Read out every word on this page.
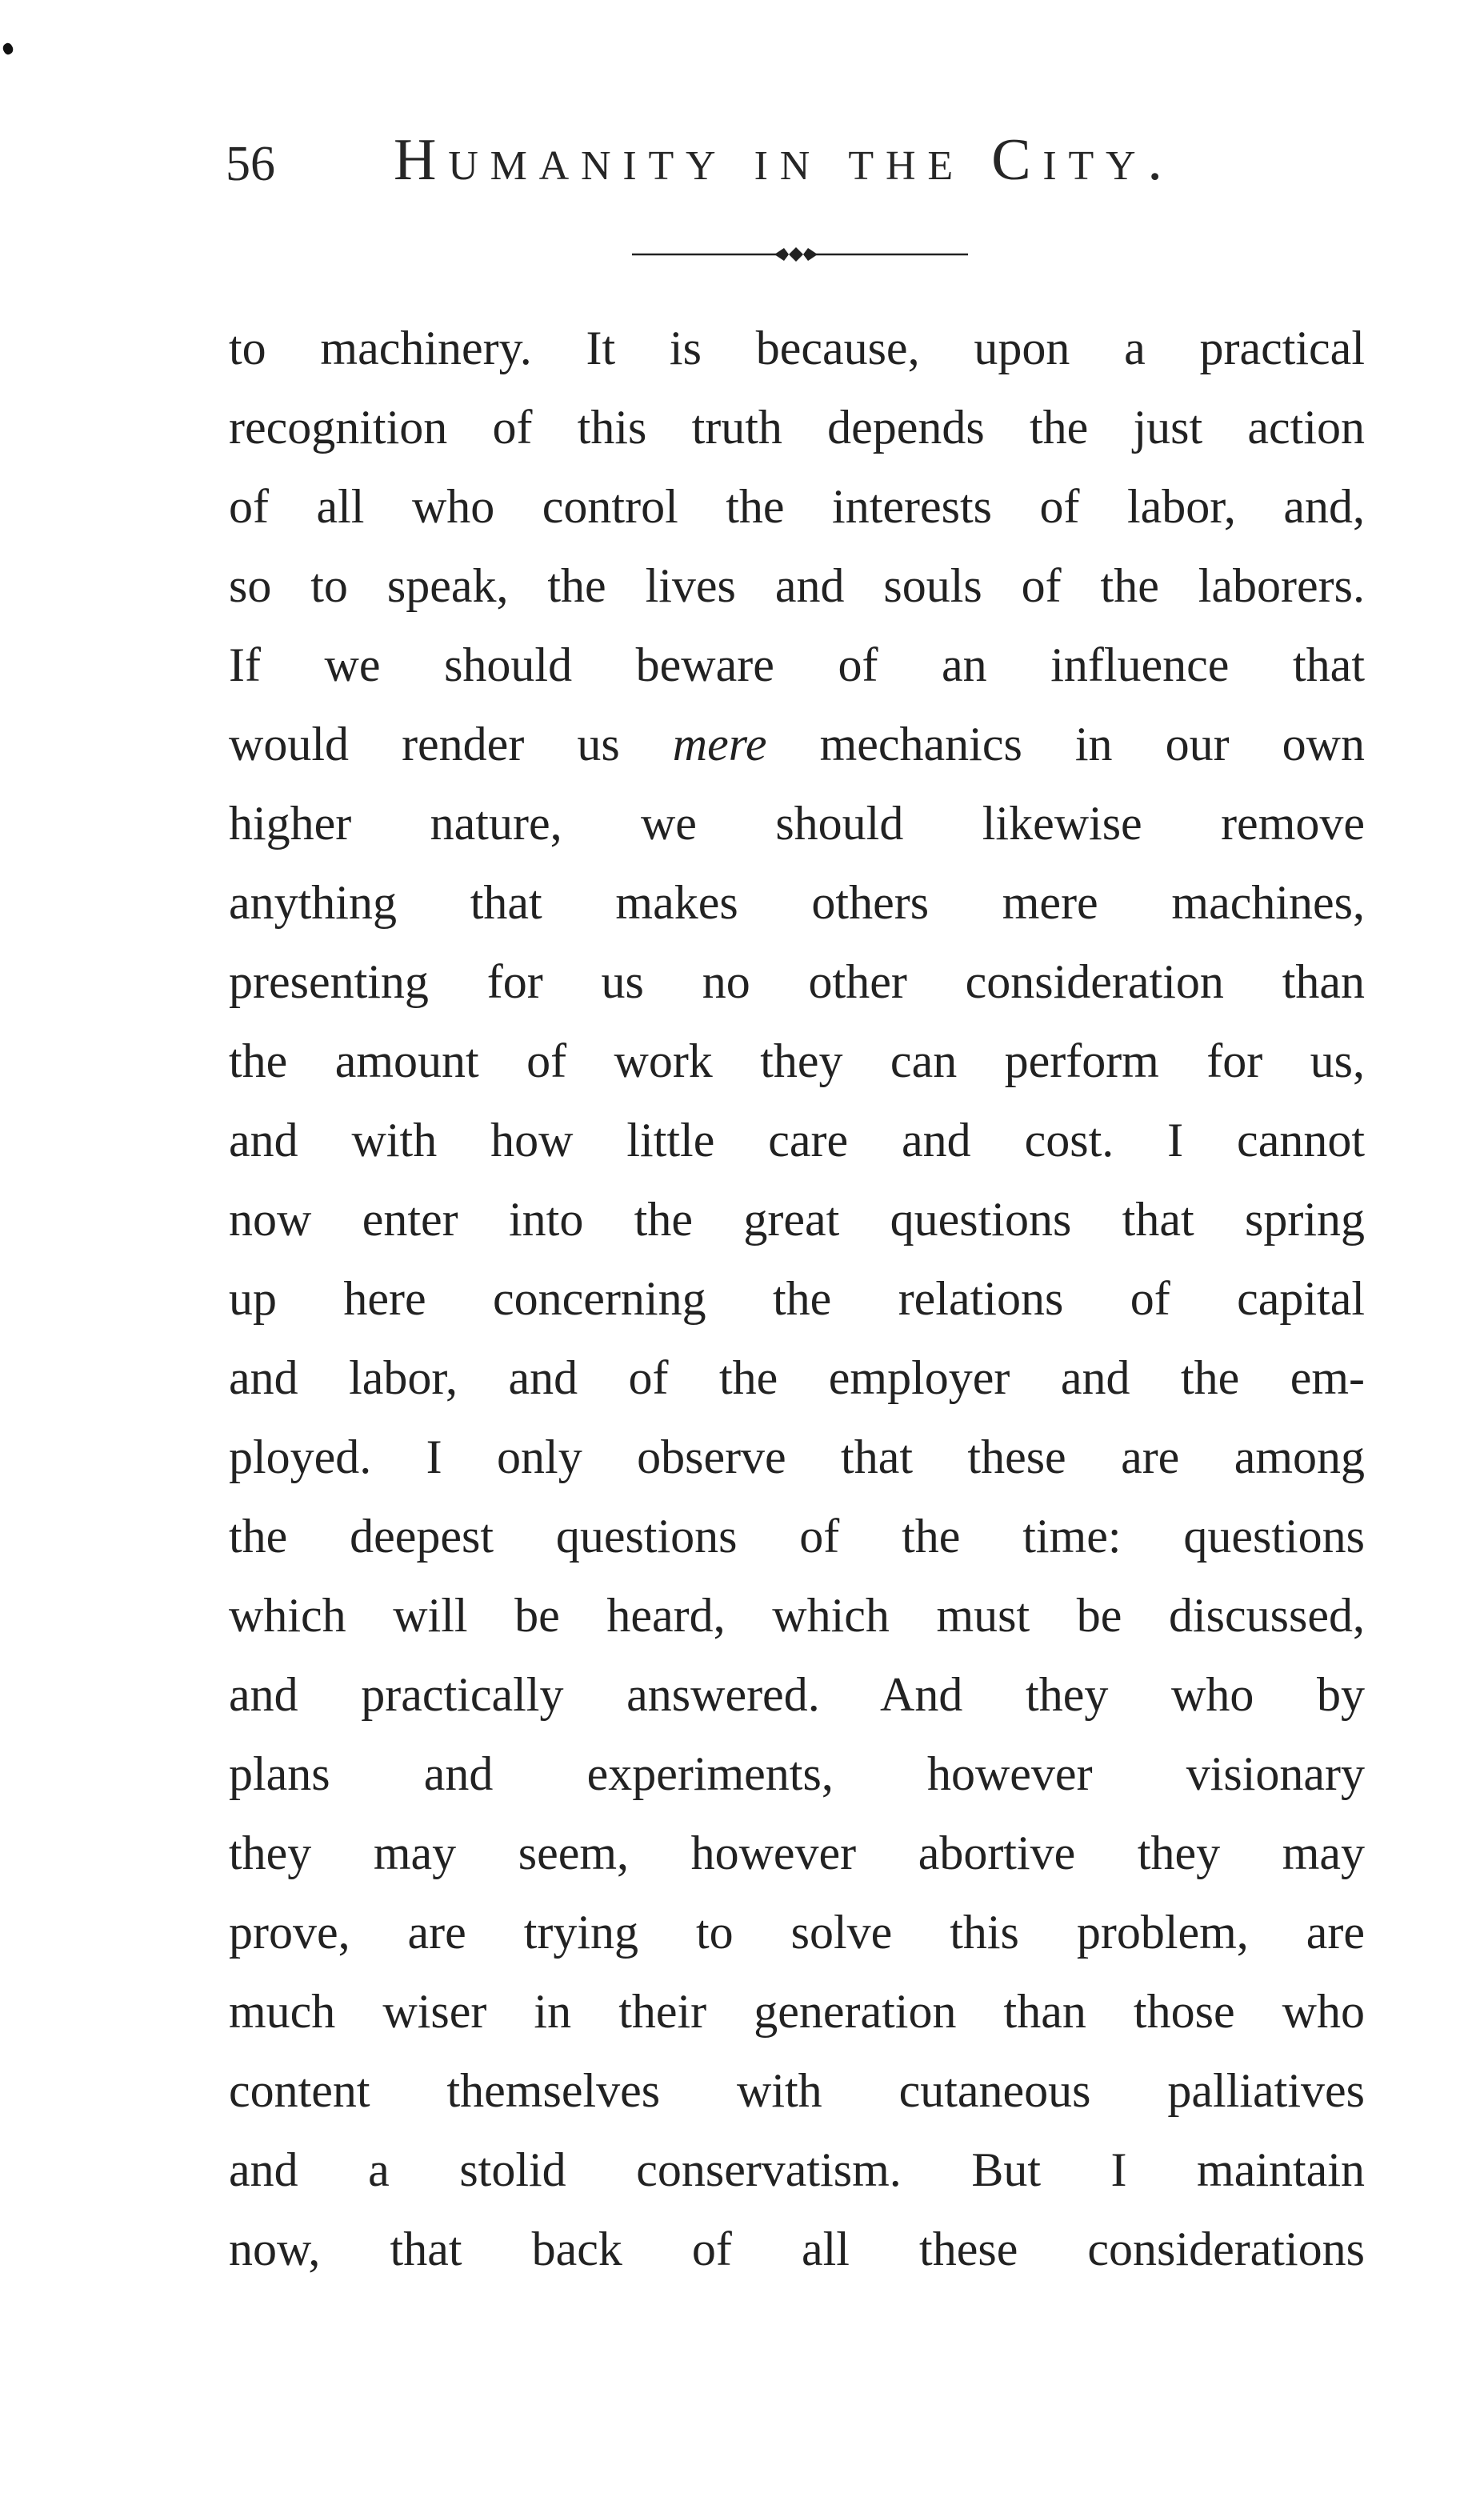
56 Humanity in the City.
to machinery. It is because, upon a practical
recognition of this truth depends the just action
of all who control the interests of labor, and,
so to speak, the lives and souls of the laborers.
If we should beware of an influence that
would render us mere mechanics in our own
higher nature, we should likewise remove
anything that makes others mere machines,
presenting for us no other consideration than
the amount of work they can perform for us,
and with how little care and cost. I cannot
now enter into the great questions that spring
up here concerning the relations of capital
and labor, and of the employer and the em-
ployed. I only observe that these are among
the deepest questions of the time: questions
which will be heard, which must be discussed,
and practically answered. And they who by
plans and experiments, however visionary
they may seem, however abortive they may
prove, are trying to solve this problem, are
much wiser in their generation than those who
content themselves with cutaneous palliatives
and a stolid conservatism. But I maintain
now, that back of all these considerations
